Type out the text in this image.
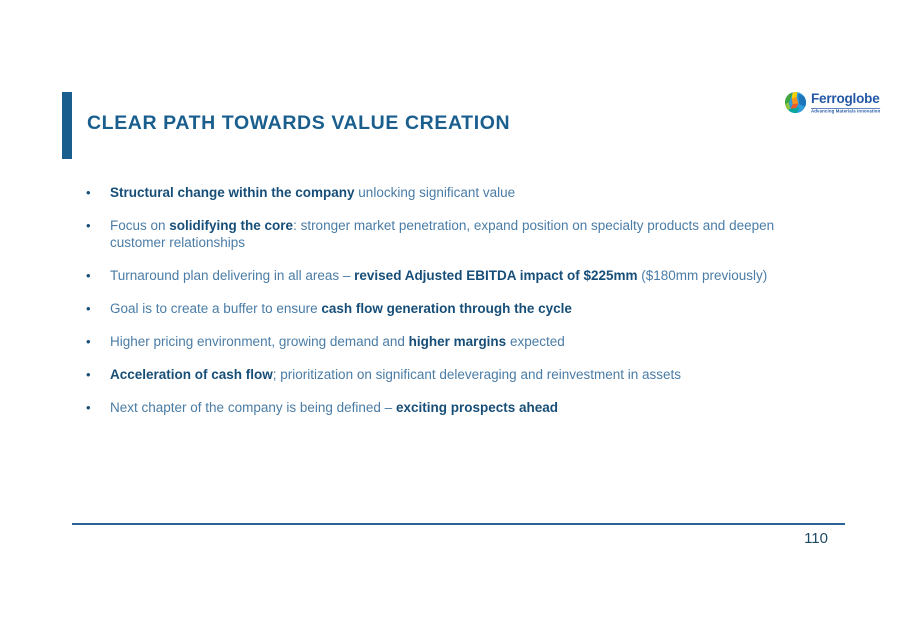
CLEAR PATH TOWARDS VALUE CREATION
Ferroglobe
Advancing Materials Innovation
• Structural change within the company unlocking significant value
• Focus on solidifying the core: stronger market penetration, expand position on specialty products and deepen customer relationships
• Turnaround plan delivering in all areas – revised Adjusted EBITDA impact of $225mm ($180mm previously)
• Goal is to create a buffer to ensure cash flow generation through the cycle
• Higher pricing environment, growing demand and higher margins expected
• Acceleration of cash flow; prioritization on significant deleveraging and reinvestment in assets
• Next chapter of the company is being defined – exciting prospects ahead
110
